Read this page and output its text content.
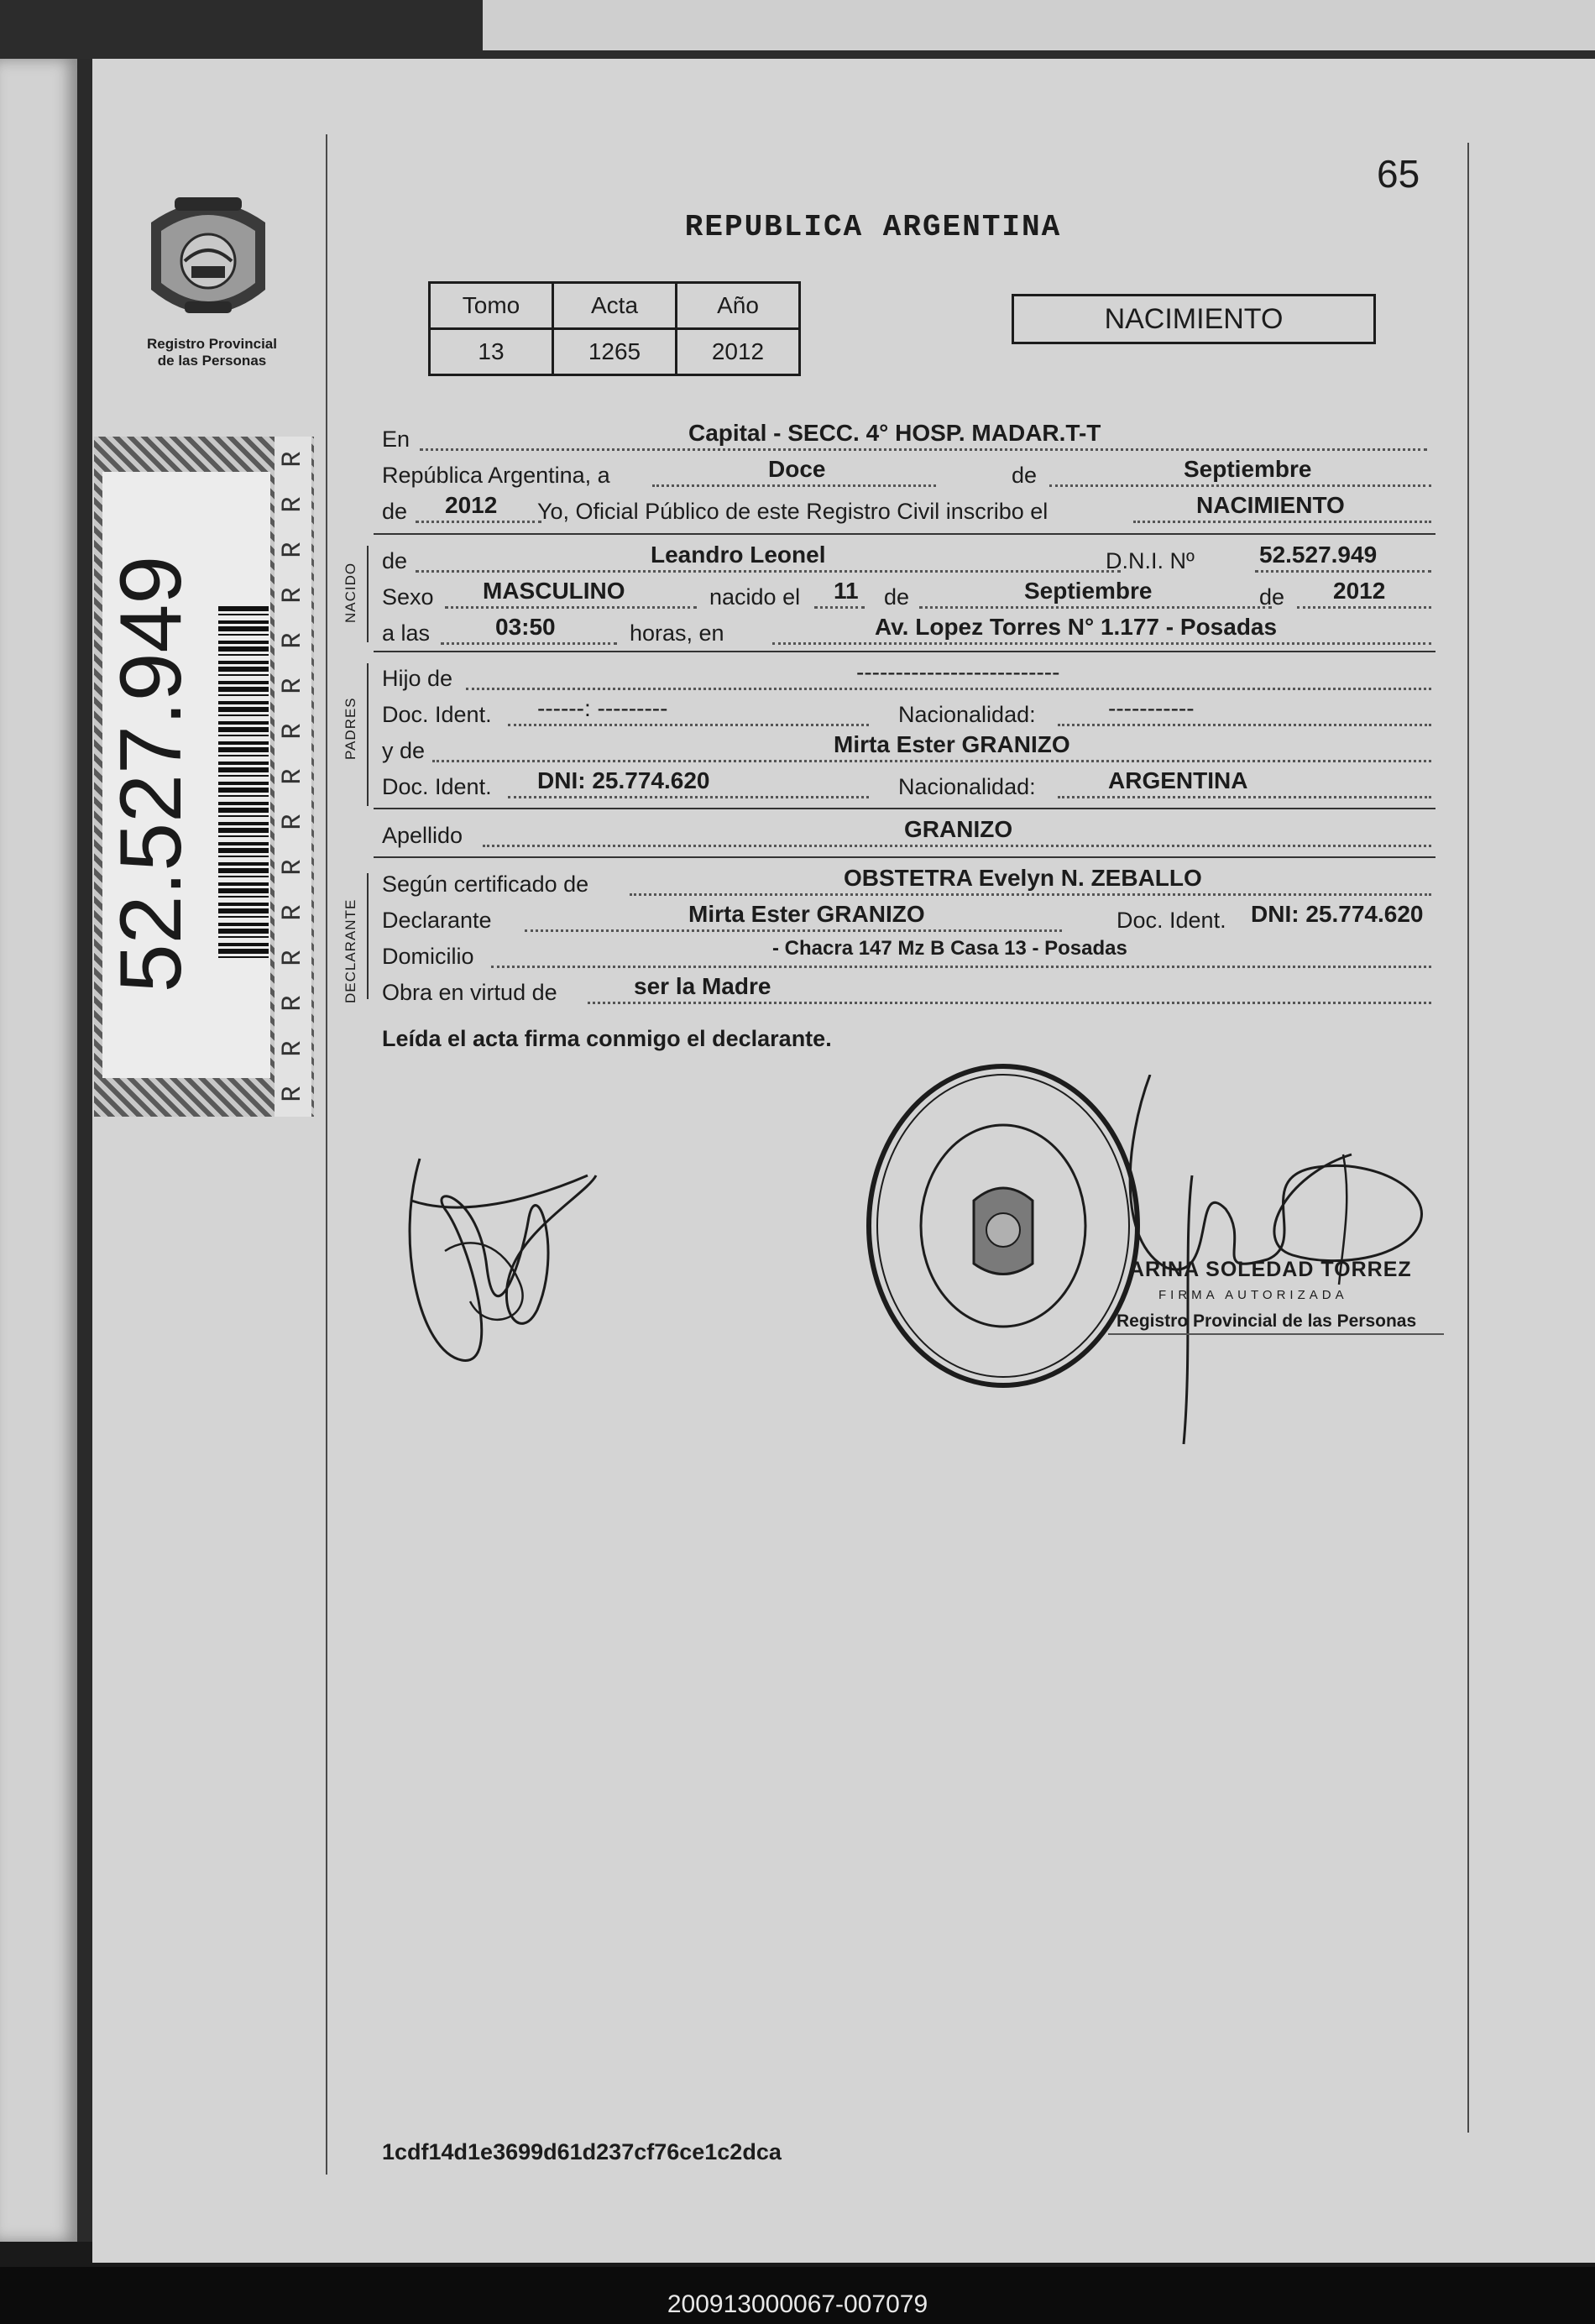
65
REPUBLICA ARGENTINA
Registro Provincial
de las Personas
52.527.949
R
R
R
R
R
R
R
R
R
R
R
R
R
R
R
Tomo	Acta	Año
13	1265	2012
NACIMIENTO
NACIDO
PADRES
DECLARANTE
En	Capital - SECC. 4° HOSP. MADAR.T-T
República Argentina, a	Doce	de	Septiembre
de 2012 Yo, Oficial Público de este Registro Civil inscribo el	NACIMIENTO
de	Leandro Leonel	D.N.I. Nº	52.527.949
Sexo MASCULINO	nacido el 11 de	Septiembre	de 2012
a las	03:50	horas, en	Av. Lopez Torres N° 1.177 - Posadas
Hijo de	--------------------------
Doc. Ident. ------: ---------	Nacionalidad:	-----------
y de	Mirta Ester GRANIZO
Doc. Ident. DNI: 25.774.620	Nacionalidad:	ARGENTINA
Apellido	GRANIZO
Según certificado de	OBSTETRA Evelyn N. ZEBALLO
Declarante	Mirta Ester GRANIZO	Doc. Ident. DNI: 25.774.620
Domicilio	- Chacra 147 Mz B Casa 13 - Posadas
Obra en virtud de	ser la Madre
Leída el acta firma conmigo el declarante.
ARINA SOLEDAD TORREZ
FIRMA AUTORIZADA
Registro Provincial de las Personas
1cdf14d1e3699d61d237cf76ce1c2dca
200913000067-007079
